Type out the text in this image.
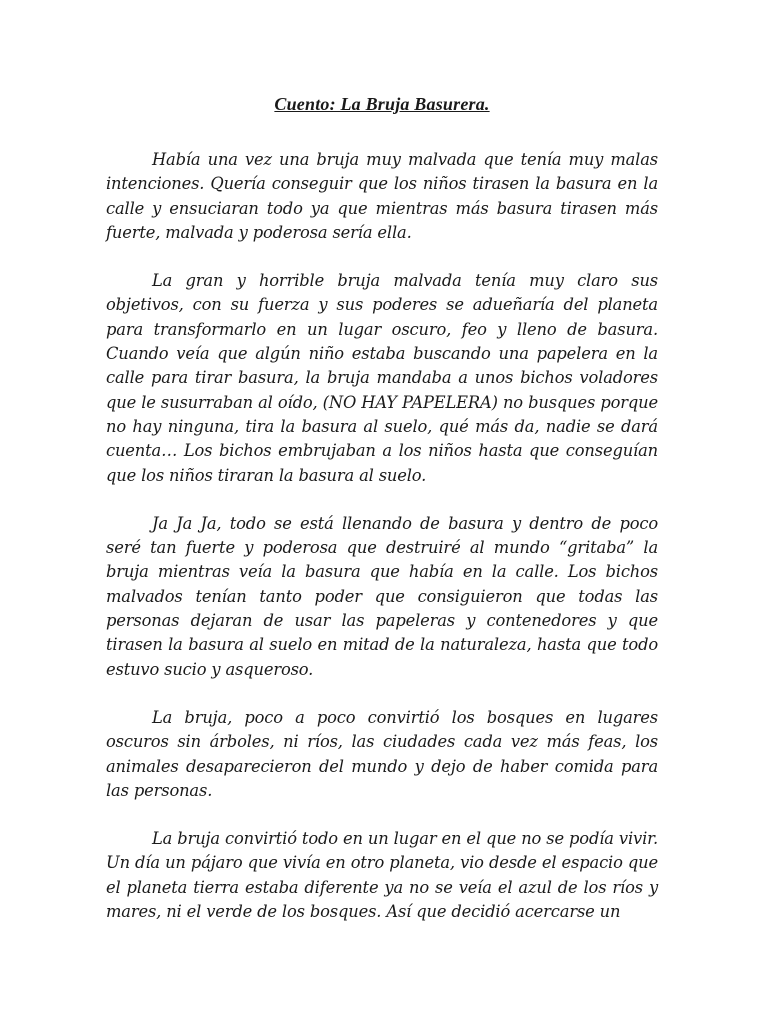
Cuento: La Bruja Basurera.

Había una vez una bruja muy malvada que tenía muy malas intenciones. Quería conseguir que los niños tirasen la basura en la calle y ensuciaran todo ya que mientras más basura tirasen más fuerte, malvada y poderosa sería ella.

La gran y horrible bruja malvada tenía muy claro sus objetivos, con su fuerza y sus poderes se adueñaría del planeta para transformarlo en un lugar oscuro, feo y lleno de basura. Cuando veía que algún niño estaba buscando una papelera en la calle para tirar basura, la bruja mandaba a unos bichos voladores que le susurraban al oído, (NO HAY PAPELERA) no busques porque no hay ninguna, tira la basura al suelo, qué más da, nadie se dará cuenta… Los bichos embrujaban a los niños hasta que conseguían que los niños tiraran la basura al suelo.

Ja Ja Ja, todo se está llenando de basura y dentro de poco seré tan fuerte y poderosa que destruiré al mundo “gritaba” la bruja mientras veía la basura que había en la calle. Los bichos malvados tenían tanto poder que consiguieron que todas las personas dejaran de usar las papeleras y contenedores y que tirasen la basura al suelo en mitad de la naturaleza, hasta que todo estuvo sucio y asqueroso.

La bruja, poco a poco convirtió los bosques en lugares oscuros sin árboles, ni ríos, las ciudades cada vez más feas, los animales desaparecieron del mundo y dejo de haber comida para las personas.

La bruja convirtió todo en un lugar en el que no se podía vivir. Un día un pájaro que vivía en otro planeta, vio desde el espacio que el planeta tierra estaba diferente ya no se veía el azul de los ríos y mares, ni el verde de los bosques. Así que decidió acercarse un
